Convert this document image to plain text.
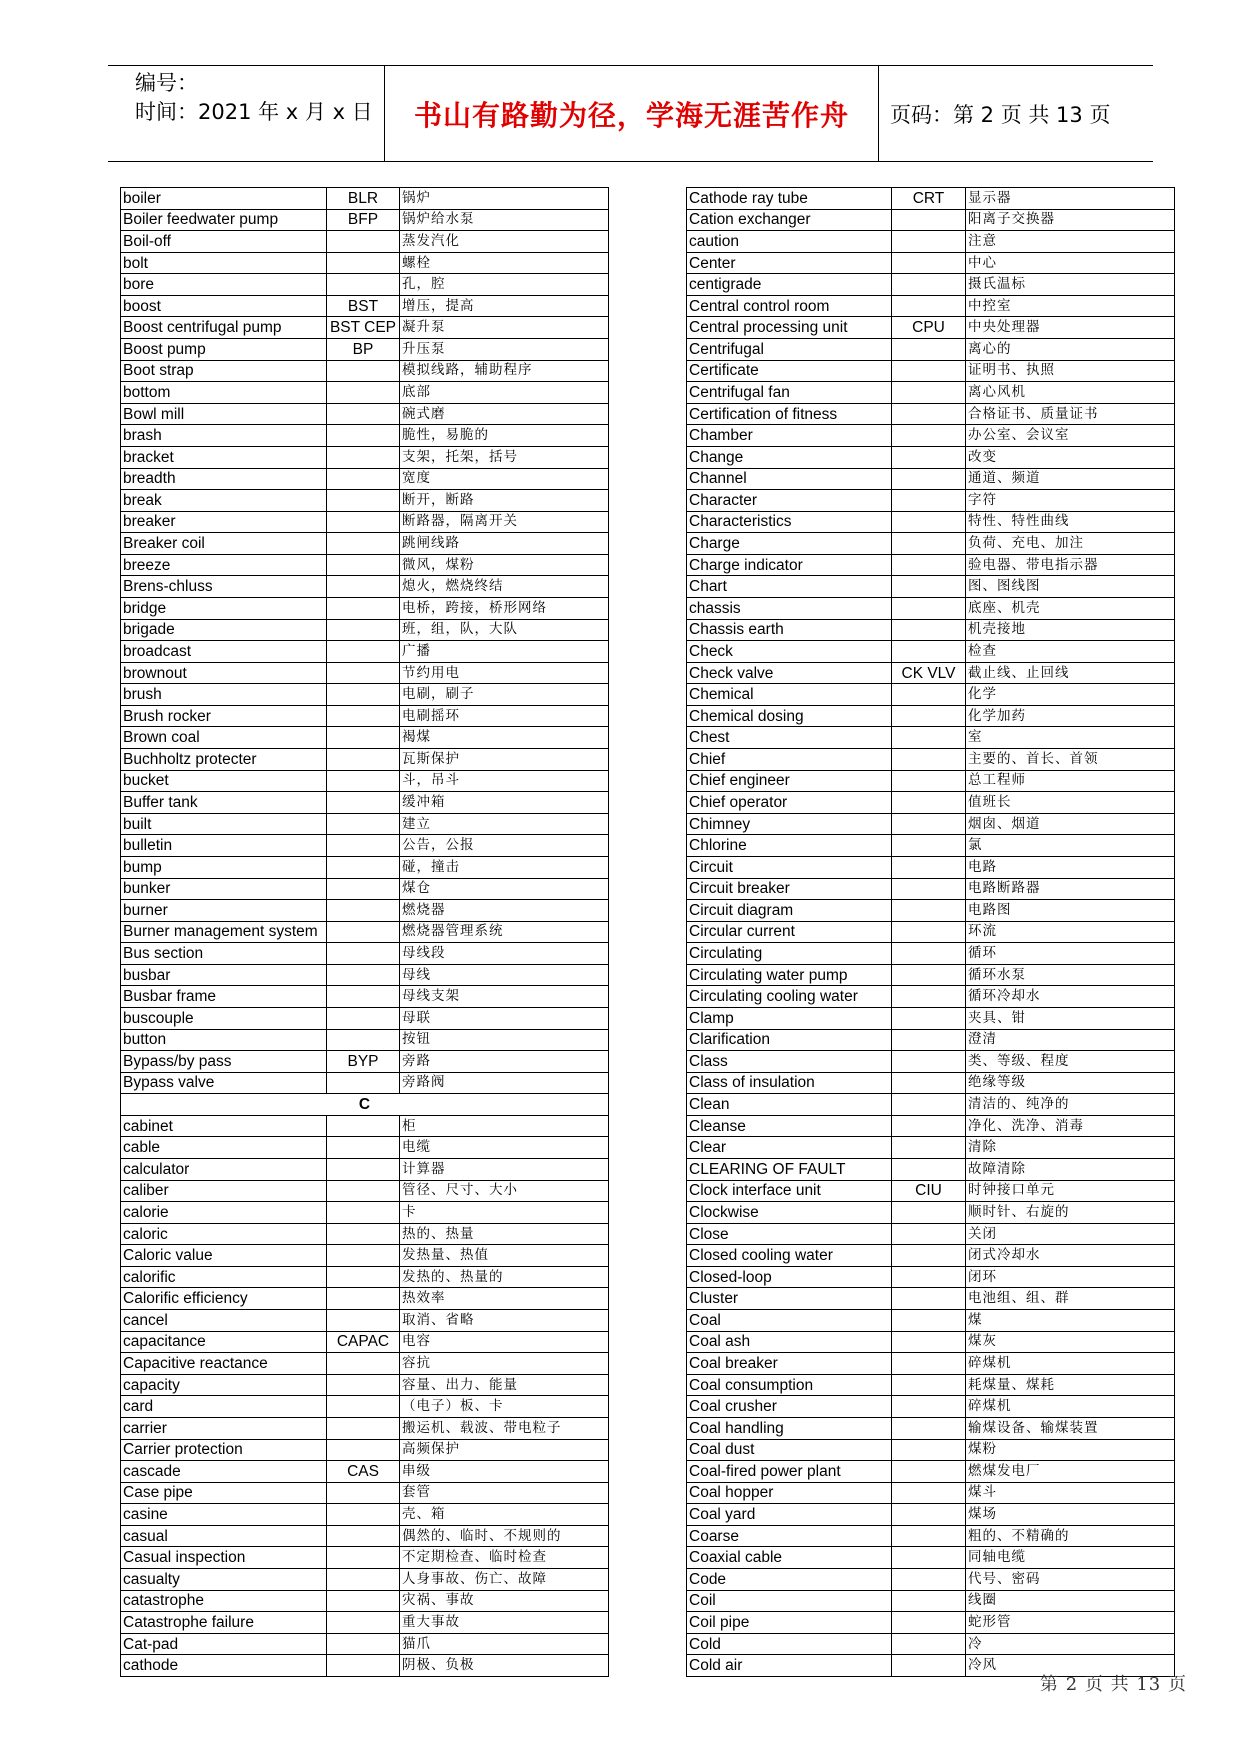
编号：
时间：2021 年 x 月 x 日 书山有路勤为径，学海无涯苦作舟 页码：第 2 页 共 13 页
boiler	BLR	锅炉
Boiler feedwater pump	BFP	锅炉给水泵
Boil-off		蒸发汽化
bolt		螺栓
bore		孔，腔
boost	BST	增压，提高
Boost centrifugal pump	BST CEP	凝升泵
Boost pump	BP	升压泵
Boot strap		模拟线路，辅助程序
bottom		底部
Bowl mill		碗式磨
brash		脆性，易脆的
bracket		支架，托架，括号
breadth		宽度
break		断开，断路
breaker		断路器，隔离开关
Breaker coil		跳闸线路
breeze		微风，煤粉
Brens-chluss		熄火，燃烧终结
bridge		电桥，跨接，桥形网络
brigade		班，组，队，大队
broadcast		广播
brownout		节约用电
brush		电刷，刷子
Brush rocker		电刷摇环
Brown coal		褐煤
Buchholtz protecter		瓦斯保护
bucket		斗，吊斗
Buffer tank		缓冲箱
built		建立
bulletin		公告，公报
bump		碰，撞击
bunker		煤仓
burner		燃烧器
Burner management system		燃烧器管理系统
Bus section		母线段
busbar		母线
Busbar frame		母线支架
buscouple		母联
button		按钮
Bypass/by pass	BYP	旁路
Bypass valve		旁路阀
C		
cabinet		柜
cable		电缆
calculator		计算器
caliber		管径、尺寸、大小
calorie		卡
caloric		热的、热量
Caloric value		发热量、热值
calorific		发热的、热量的
Calorific efficiency		热效率
cancel		取消、省略
capacitance	CAPAC	电容
Capacitive reactance		容抗
capacity		容量、出力、能量
card		（电子）板、卡
carrier		搬运机、载波、带电粒子
Carrier protection		高频保护
cascade	CAS	串级
Case pipe		套管
casine		壳、箱
casual		偶然的、临时、不规则的
Casual inspection		不定期检查、临时检查
casualty		人身事故、伤亡、故障
catastrophe		灾祸、事故
Catastrophe failure		重大事故
Cat-pad		猫爪
cathode		阴极、负极
Cathode ray tube	CRT	显示器
Cation exchanger		阳离子交换器
caution		注意
Center		中心
centigrade		摄氏温标
Central control room		中控室
Central processing unit	CPU	中央处理器
Centrifugal		离心的
Certificate		证明书、执照
Centrifugal fan		离心风机
Certification of fitness		合格证书、质量证书
Chamber		办公室、会议室
Change		改变
Channel		通道、频道
Character		字符
Characteristics		特性、特性曲线
Charge		负荷、充电、加注
Charge indicator		验电器、带电指示器
Chart		图、图线图
chassis		底座、机壳
Chassis earth		机壳接地
Check		检查
Check valve	CK VLV	截止线、止回线
Chemical		化学
Chemical dosing		化学加药
Chest		室
Chief		主要的、首长、首领
Chief engineer		总工程师
Chief operator		值班长
Chimney		烟囱、烟道
Chlorine		氯
Circuit		电路
Circuit breaker		电路断路器
Circuit diagram		电路图
Circular current		环流
Circulating		循环
Circulating water pump		循环水泵
Circulating cooling water		循环冷却水
Clamp		夹具、钳
Clarification		澄清
Class		类、等级、程度
Class of insulation		绝缘等级
Clean		清洁的、纯净的
Cleanse		净化、洗净、消毒
Clear		清除
CLEARING OF FAULT		故障清除
Clock interface unit	CIU	时钟接口单元
Clockwise		顺时针、右旋的
Close		关闭
Closed cooling water		闭式冷却水
Closed-loop		闭环
Cluster		电池组、组、群
Coal		煤
Coal ash		煤灰
Coal breaker		碎煤机
Coal consumption		耗煤量、煤耗
Coal crusher		碎煤机
Coal handling		输煤设备、输煤装置
Coal dust		煤粉
Coal-fired power plant		燃煤发电厂
Coal hopper		煤斗
Coal yard		煤场
Coarse		粗的、不精确的
Coaxial cable		同轴电缆
Code		代号、密码
Coil		线圈
Coil pipe		蛇形管
Cold		冷
Cold air		冷风
第 2 页 共 13 页
